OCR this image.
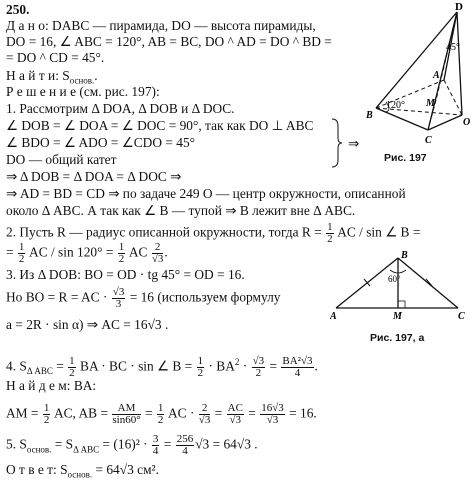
250.
Д а н о: DABC — пирамида, DO — высота пирамиды,
DO = 16, ∠ ABC = 120°, AB = BC, DO ^ AD = DO ^ BD =
= DO ^ CD = 45°.
Н а й т и: $S_{основ.}$.
Р е ш е н и е (см. рис. 197):
1. Рассмотрим Δ DOA, Δ DOB и Δ DOC.
∠ DOB = ∠ DOA = ∠ DOC = 90°, так как DO ⊥ ABC
∠ BDO = ∠ ADO = ∠CDO = 45°
DO — общий катет
⇒ Δ DOB = Δ DOA = Δ DOC ⇒
⇒ AD = BD = CD ⇒ по задаче 249 O — центр окружности, описанной
около Δ ABC. А так как ∠ B — тупой ⇒ B лежит вне Δ ABC.
⇒
2. Пусть R — радиус описанной окружности, тогда $R = \frac{1}{2}$ AC / sin ∠ B =
= $\frac{1}{2}$ AC / $\sin 120^\circ = \frac{1}{2}$ AC $\frac{2}{√3}$ .
3. Из Δ DOB: BO = OD · tg 45° = OD = 16.
Но BO = R = AC · $\frac{√3}{3} = 16$ (используем формулу
a = 2R · sin α) ⇒ AC = 16√3 .
4. $S_{\Delta ABC} = \frac{1}{2}$ BA · BC · sin ∠ $B = \frac{1}{2} \cdot BA^2 \cdot \frac{√3}{2} = \frac{\text{BA²√3}}{4}$ .
Н а й д е м: BA:
AM = $\frac{1}{2}$ AC, AB = $\frac{AM}{\sin 60^\circ} = \frac{1}{2}$ AC · $\frac{2}{√3} = \frac{AC}{√3} = \frac{16√3}{√3} = 16$.
5. $S_{основ.} = S_{\Delta ABC} = (16)^2 \cdot \frac{3}{4} = \frac{256}{4} √3 = 64√3$ .
О т в е т: $S_{основ.} = 64√3$ см².
D
45°
A
M
120°
B
O
C
Рис. 197
B
60°
A	M	C
Рис. 197, а
